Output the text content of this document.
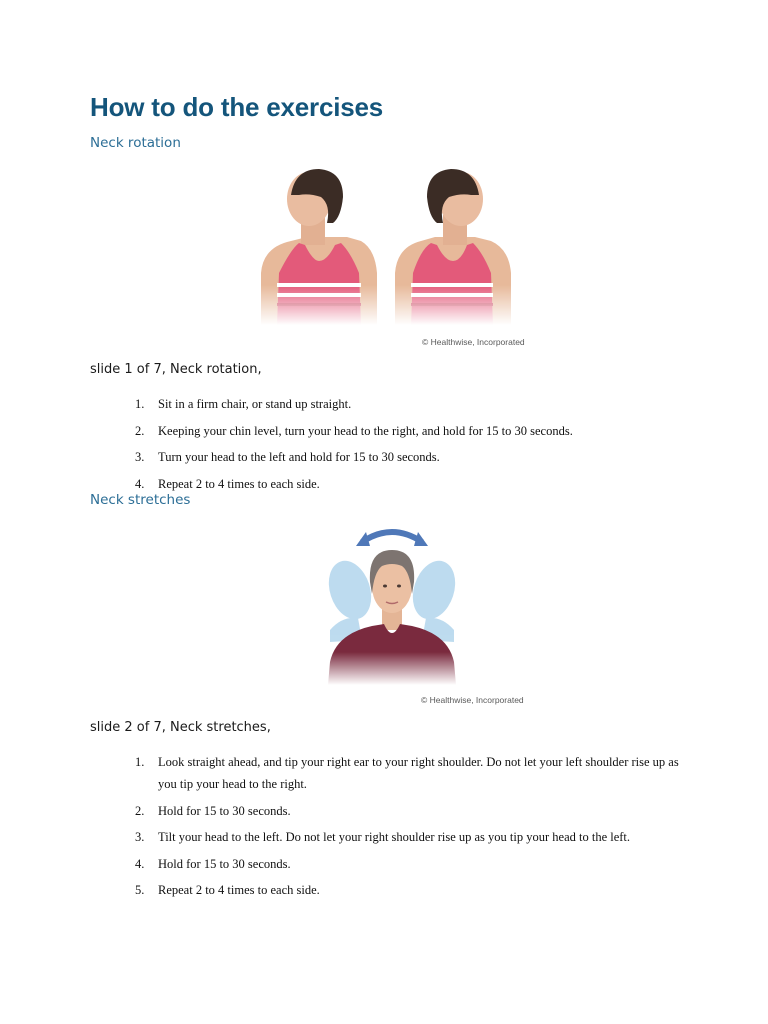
How to do the exercises
Neck rotation
© Healthwise, Incorporated

slide 1 of 7, Neck rotation,

1. Sit in a firm chair, or stand up straight.
2. Keeping your chin level, turn your head to the right, and hold for 15 to 30 seconds.
3. Turn your head to the left and hold for 15 to 30 seconds.
4. Repeat 2 to 4 times to each side.
Neck stretches
© Healthwise, Incorporated

slide 2 of 7, Neck stretches,

1. Look straight ahead, and tip your right ear to your right shoulder. Do not let your left shoulder rise up as you tip your head to the right.
2. Hold for 15 to 30 seconds.
3. Tilt your head to the left. Do not let your right shoulder rise up as you tip your head to the left.
4. Hold for 15 to 30 seconds.
5. Repeat 2 to 4 times to each side.
